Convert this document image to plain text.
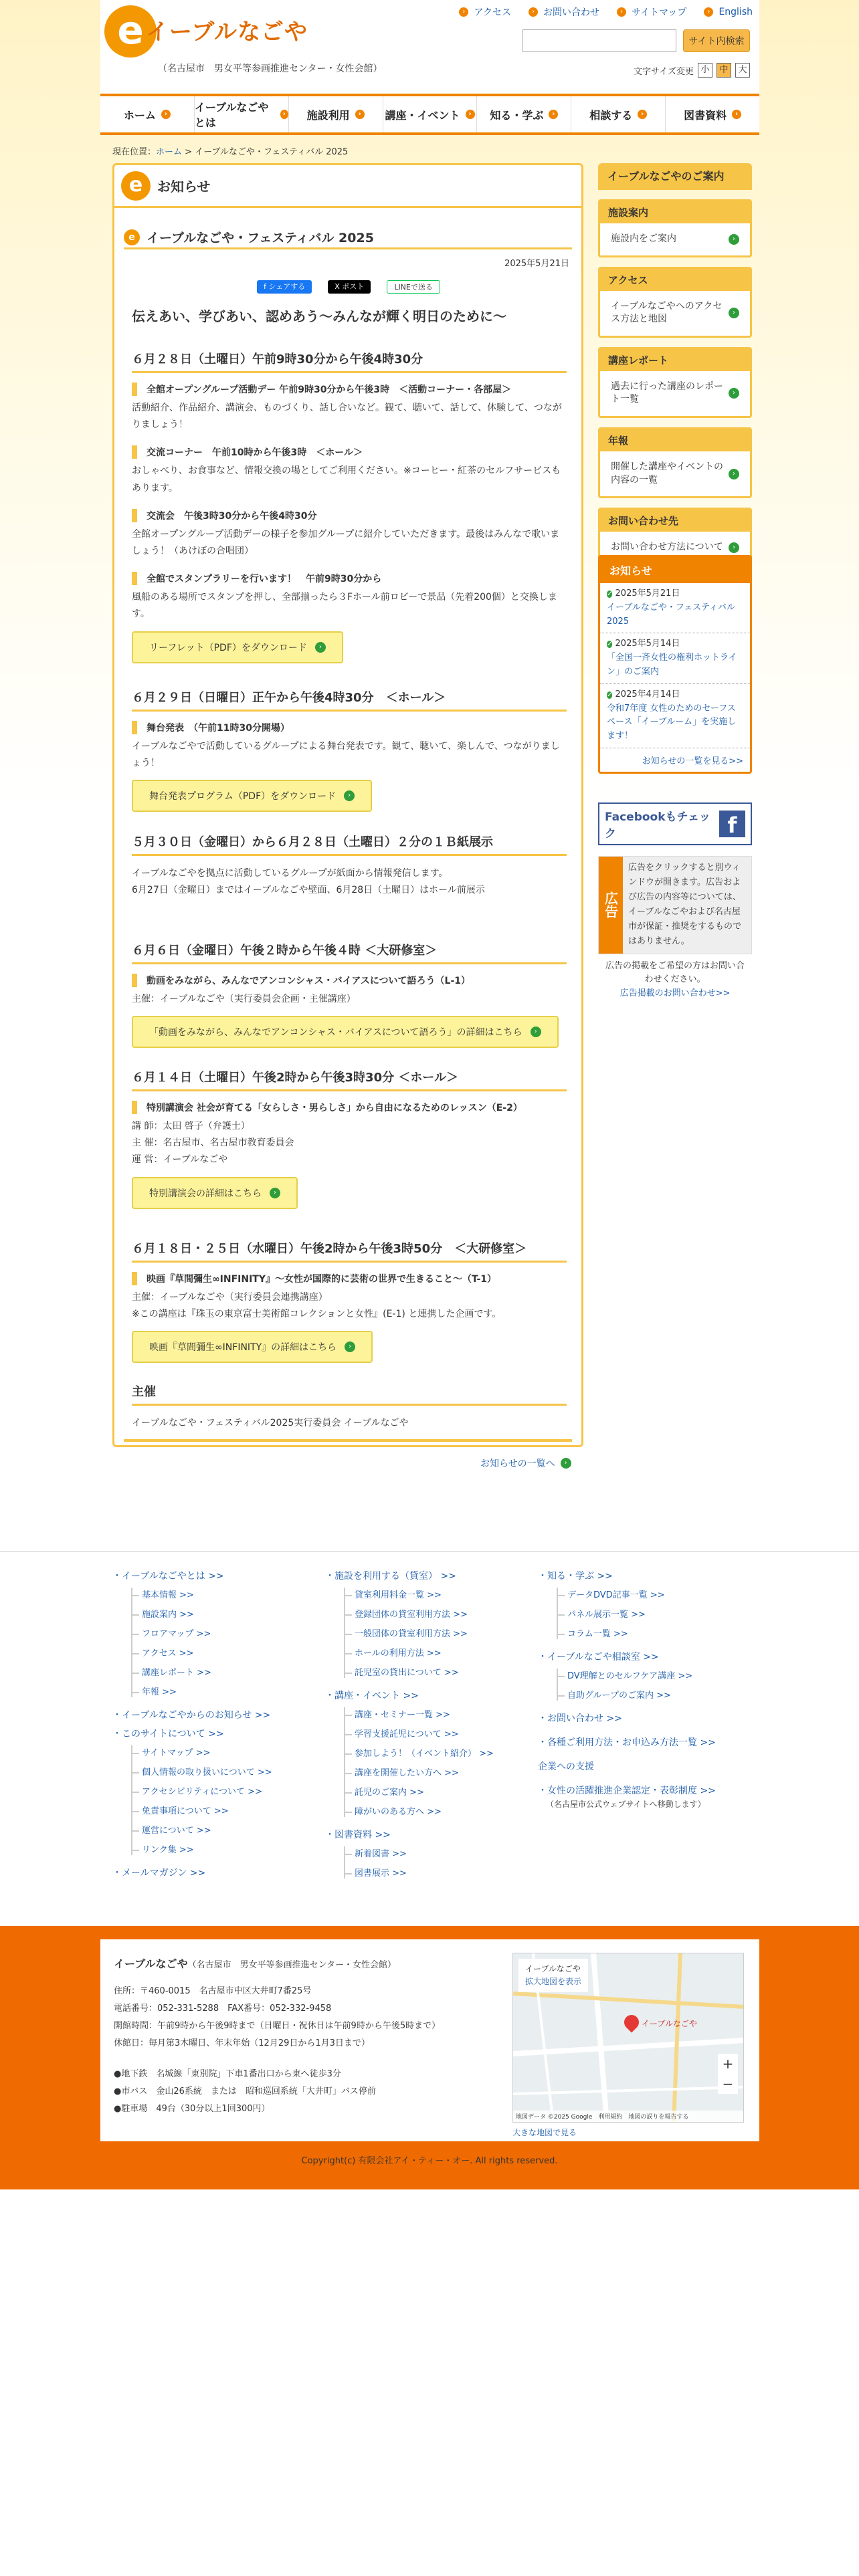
e イーブルなごや
（名古屋市　男女平等参画推進センター・女性会館）
› アクセス	› お問い合わせ	› サイトマップ	› English
サイト内検索
文字サイズ変更 小	中	大
ホーム	›
イーブルなごやとは
› 施設利用	›	講座・イベント	›	知る・学ぶ	›	相談する	›	図書資料	›
現在位置：ホーム > イーブルなごや・フェスティバル 2025
e	お知らせ
e イーブルなごや・フェスティバル 2025
2025年5月21日
f シェアする	X ポスト	LINEで送る
伝えあい、学びあい、認めあう〜みんなが輝く明日のために〜
６月２８日（土曜日）午前9時30分から午後4時30分
全館オープングループ活動デー 午前9時30分から午後3時　＜活動コーナー・各部屋＞
活動紹介、作品紹介、講演会、ものづくり、話し合いなど。観て、聴いて、話して、体験して、つながりましょう！
交流コーナー　午前10時から午後3時　＜ホール＞
おしゃべり、お食事など、情報交換の場としてご利用ください。※コーヒー・紅茶のセルフサービスもあります。
交流会　午後3時30分から午後4時30分
全館オープングループ活動デーの様子を参加グループに紹介していただきます。最後はみんなで歌いましょう！（あけぼの合唱団）
全館でスタンプラリーを行います！　午前9時30分から
風船のある場所でスタンプを押し、全部揃ったら３Fホール前ロビーで景品（先着200個）と交換します。
リーフレット（PDF）をダウンロード	›
６月２９日（日曜日）正午から午後4時30分　＜ホール＞
舞台発表　（午前11時30分開場）
イーブルなごやで活動しているグループによる舞台発表です。観て、聴いて、楽しんで、つながりましょう！
舞台発表プログラム（PDF）をダウンロード	›
５月３０日（金曜日）から６月２８日（土曜日）２分の１Ｂ紙展示
イーブルなごやを拠点に活動しているグループが紙面から情報発信します。
6月27日（金曜日）まではイーブルなごや壁面、6月28日（土曜日）はホール前展示
６月６日（金曜日）午後２時から午後４時 ＜大研修室＞
動画をみながら、みんなでアンコンシャス・バイアスについて語ろう（L-1）
主催：イーブルなごや（実行委員会企画・主催講座）
「動画をみながら、みんなでアンコンシャス・バイアスについて語ろう」の詳細はこちら	›
６月１４日（土曜日）午後2時から午後3時30分 ＜ホール＞
特別講演会 社会が育てる「女らしさ・男らしさ」から自由になるためのレッスン（E-2）
講 師：太田 啓子（弁護士）
主 催：名古屋市、名古屋市教育委員会
運 営：イーブルなごや
特別講演会の詳細はこちら	›
６月１８日・２５日（水曜日）午後2時から午後3時50分　＜大研修室＞
映画『草間彌生∞INFINITY』〜女性が国際的に芸術の世界で生きること〜（T-1）
主催：イーブルなごや（実行委員会連携講座）
※この講座は『珠玉の東京富士美術館コレクションと女性』(E-1) と連携した企画です。
映画『草間彌生∞INFINITY』の詳細はこちら	›
主催
イーブルなごや・フェスティバル2025実行委員会 イーブルなごや
お知らせの一覧へ	›
イーブルなごやのご案内
施設案内
施設内をご案内	›
アクセス
イーブルなごやへのアクセス方法と地図
›
講座レポート
過去に行った講座のレポート一覧
›
年報
開催した講座やイベントの内容の一覧
›
お問い合わせ先
お問い合わせ方法について	›
お知らせ
✓ 2025年5月21日
イーブルなごや・フェスティバル 2025
✓ 2025年5月14日
「全国一斉女性の権利ホットライン」のご案内
✓ 2025年4月14日
令和7年度 女性のためのセーフスペース「イーブルーム」を実施します！
お知らせの一覧を見る>>
Facebookもチェック	f
広告
広告をクリックすると別ウィンドウが開きます。広告および広告の内容等については、イーブルなごやおよび名古屋市が保証・推奨をするものではありません。
広告の掲載をご希望の方はお問い合わせください。
広告掲載のお問い合わせ>>
・イーブルなごやとは >>
基本情報 >>
施設案内 >>
フロアマップ >>
アクセス >>
講座レポート >>
年報 >>
・イーブルなごやからのお知らせ >>
・このサイトについて >>
サイトマップ >>
個人情報の取り扱いについて >>
アクセシビリティについて >>
免責事項について >>
運営について >>
リンク集 >>
・メールマガジン >>
・施設を利用する（貸室） >>
貸室利用料金一覧 >>
登録団体の貸室利用方法 >>
一般団体の貸室利用方法 >>
ホールの利用方法 >>
託児室の貸出について >>
・講座・イベント >>
講座・セミナー一覧 >>
学習支援託児について >>
参加しよう！（イベント紹介） >>
講座を開催したい方へ >>
託児のご案内 >>
障がいのある方へ >>
・図書資料 >>
新着図書 >>
図書展示 >>
・知る・学ぶ >>
データDVD記事一覧 >>
パネル展示一覧 >>
コラム一覧 >>
・イーブルなごや相談室 >>
DV理解とのセルフケア講座 >>
自助グループのご案内 >>
・お問い合わせ >>
・各種ご利用方法・お申込み方法一覧 >>
企業への支援
・女性の活躍推進企業認定・表彰制度 >>
（名古屋市公式ウェブサイトへ移動します）
イーブルなごや（名古屋市　男女平等参画推進センター・女性会館）
住所：〒460-0015　名古屋市中区大井町7番25号
電話番号：052-331-5288　FAX番号：052-332-9458
開館時間：午前9時から午後9時まで（日曜日・祝休日は午前9時から午後5時まで）
休館日：毎月第3木曜日、年末年始（12月29日から1月3日まで）
●地下鉄　名城線「東別院」下車1番出口から東へ徒歩3分
●市バス　金山26系統　または　昭和巡回系統「大井町」バス停前
●駐車場　49台（30分以上1回300円）
イーブルなごや
拡大地図を表示
イーブルなごや
+
−
地図データ ©2025 Google　利用規約　地図の誤りを報告する
大きな地図で見る
Copyright(c) 有限会社アイ・ティー・オー. All rights reserved.
